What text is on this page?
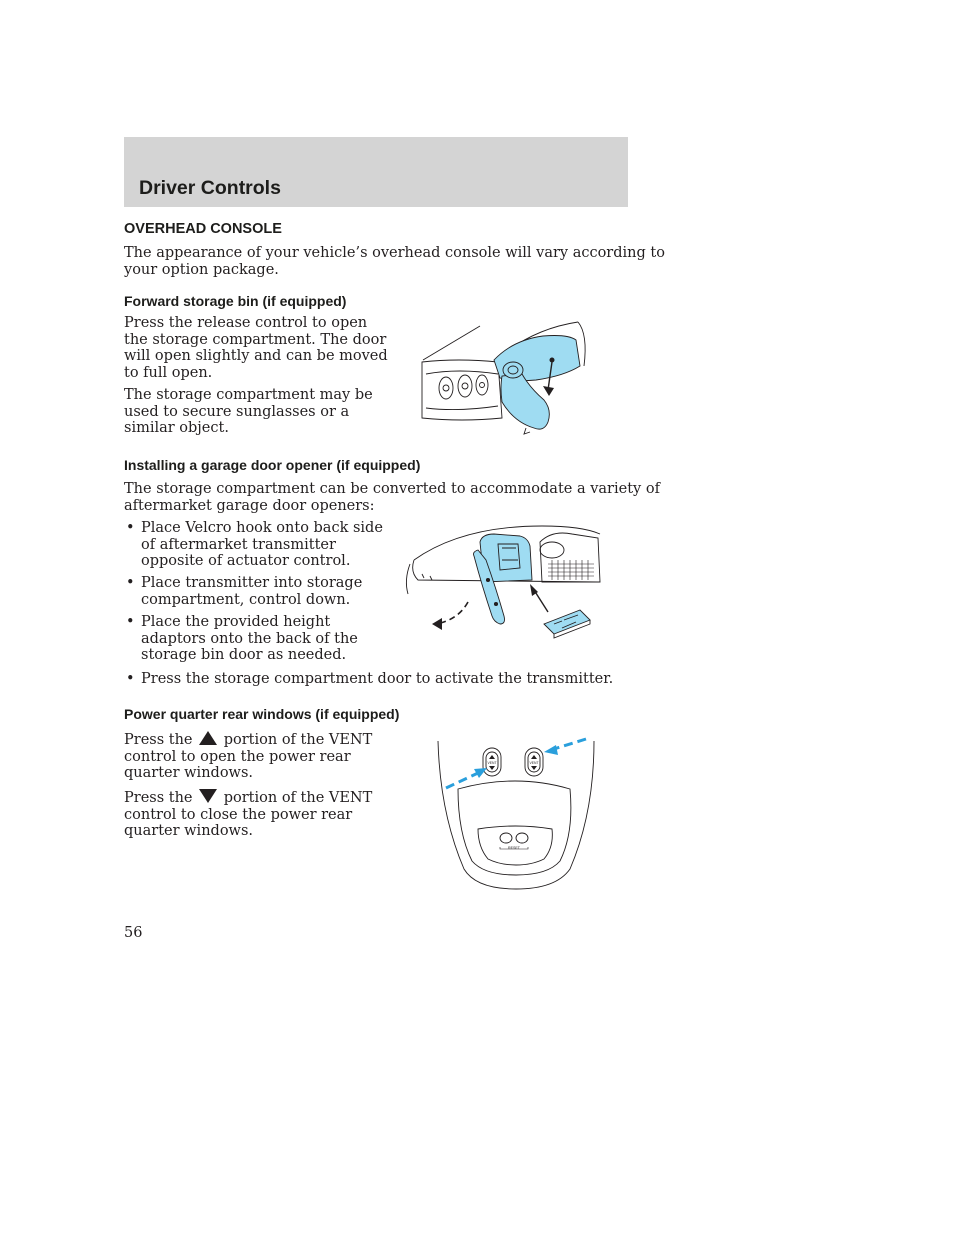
Driver Controls
OVERHEAD CONSOLE

The appearance of your vehicle’s overhead console will vary according to
your option package.

Forward storage bin (if equipped)

Press the release control to open
the storage compartment. The door
will open slightly and can be moved
to full open.

The storage compartment may be
used to secure sunglasses or a
similar object.

Installing a garage door opener (if equipped)

The storage compartment can be converted to accommodate a variety of
aftermarket garage door openers:

• Place Velcro hook onto back side
of aftermarket transmitter
opposite of actuator control.
• Place transmitter into storage
compartment, control down.
• Place the provided height
adaptors onto the back of the
storage bin door as needed.
• Press the storage compartment door to activate the transmitter.
Power quarter rear windows (if equipped)

Press the portion of the VENT
control to open the power rear
quarter windows.

Press the portion of the VENT
control to close the power rear
quarter windows.

VENT	VENT
RESET

56
